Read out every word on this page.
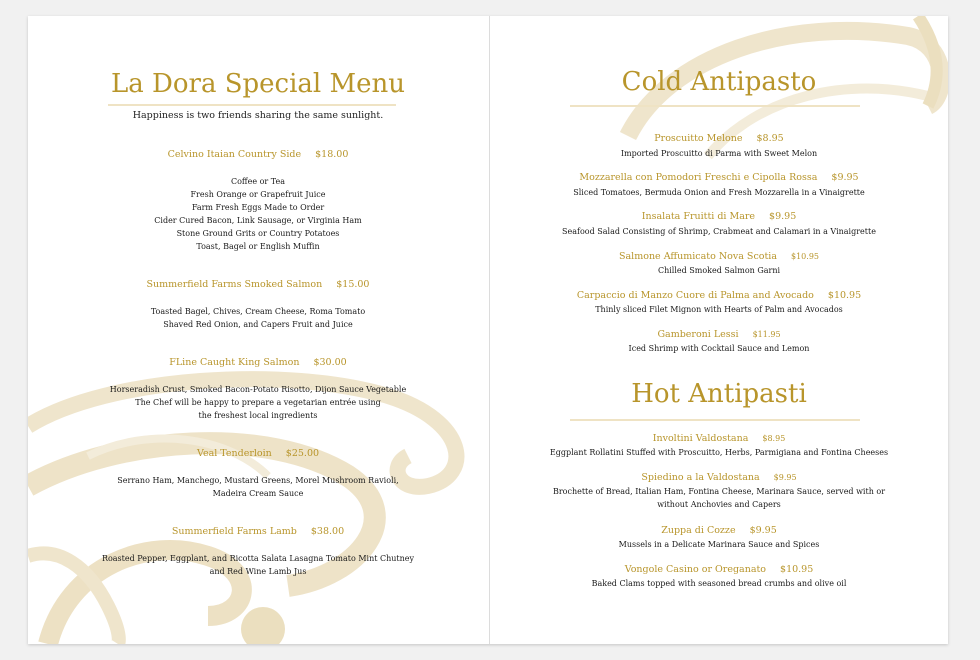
La Dora Special Menu
Happiness is two friends sharing the same sunlight.
Celvino Itaian Country Side $18.00
Coffee or Tea
Fresh Orange or Grapefruit Juice
Farm Fresh Eggs Made to Order
Cider Cured Bacon, Link Sausage, or Virginia Ham
Stone Ground Grits or Country Potatoes
Toast, Bagel or English Muffin
Summerfield Farms Smoked Salmon $15.00
Toasted Bagel, Chives, Cream Cheese, Roma Tomato
Shaved Red Onion, and Capers Fruit and Juice
FLine Caught King Salmon $30.00
Horseradish Crust, Smoked Bacon-Potato Risotto, Dijon Sauce Vegetable
The Chef will be happy to prepare a vegetarian entrée using
the freshest local ingredients
Veal Tenderloin $25.00
Serrano Ham, Manchego, Mustard Greens, Morel Mushroom Ravioli,
Madeira Cream Sauce
Summerfield Farms Lamb $38.00
Roasted Pepper, Eggplant, and Ricotta Salata Lasagna Tomato Mint Chutney
and Red Wine Lamb Jus
Cold Antipasto
Proscuitto Melone $8.95
Imported Proscuitto di Parma with Sweet Melon
Mozzarella con Pomodori Freschi e Cipolla Rossa $9.95
Sliced Tomatoes, Bermuda Onion and Fresh Mozzarella in a Vinaigrette
Insalata Fruitti di Mare $9.95
Seafood Salad Consisting of Shrimp, Crabmeat and Calamari in a Vinaigrette
Salmone Affumicato Nova Scotia $10.95
Chilled Smoked Salmon Garni
Carpaccio di Manzo Cuore di Palma and Avocado $10.95
Thinly sliced Filet Mignon with Hearts of Palm and Avocados
Gamberoni Lessi $11.95
Iced Shrimp with Cocktail Sauce and Lemon
Hot Antipasti
Involtini Valdostana $8.95
Eggplant Rollatini Stuffed with Proscuitto, Herbs, Parmigiana and Fontina Cheeses
Spiedino a la Valdostana $9.95
Brochette of Bread, Italian Ham, Fontina Cheese, Marinara Sauce, served with or
without Anchovies and Capers
Zuppa di Cozze $9.95
Mussels in a Delicate Marinara Sauce and Spices
Vongole Casino or Oreganato $10.95
Baked Clams topped with seasoned bread crumbs and olive oil
